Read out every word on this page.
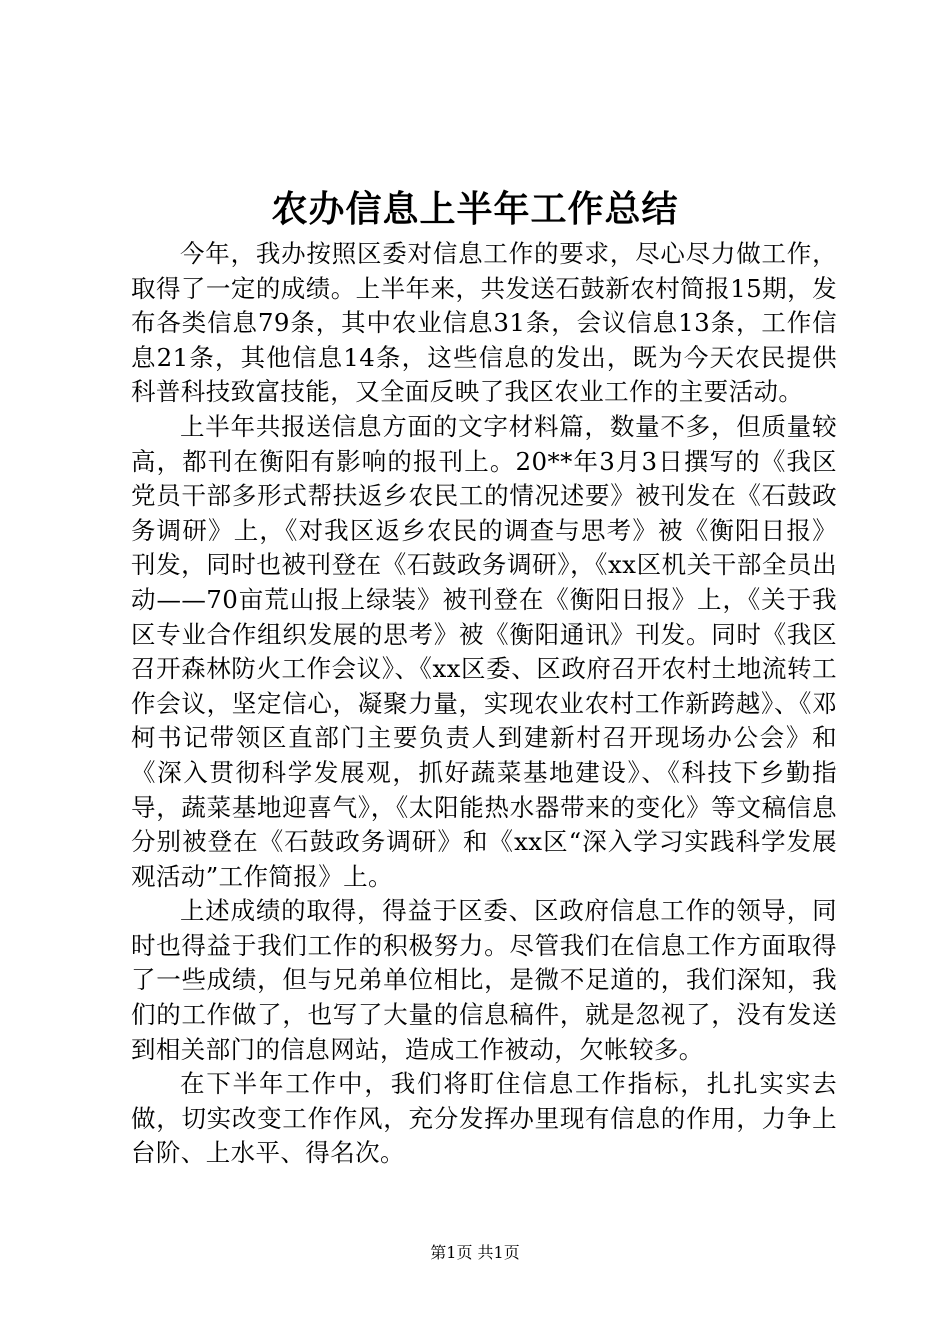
农办信息上半年工作总结

今年，我办按照区委对信息工作的要求，尽心尽力做工作，取得了一定的成绩。上半年来，共发送石鼓新农村简报15期，发布各类信息79条，其中农业信息31条，会议信息13条，工作信息21条，其他信息14条，这些信息的发出，既为今天农民提供科普科技致富技能，又全面反映了我区农业工作的主要活动。

上半年共报送信息方面的文字材料篇，数量不多，但质量较高，都刊在衡阳有影响的报刊上。20**年3月3日撰写的《我区党员干部多形式帮扶返乡农民工的情况述要》被刊发在《石鼓政务调研》上，《对我区返乡农民的调查与思考》被《衡阳日报》刊发，同时也被刊登在《石鼓政务调研》，《xx区机关干部全员出动——70亩荒山报上绿装》被刊登在《衡阳日报》上，《关于我区专业合作组织发展的思考》被《衡阳通讯》刊发。同时《我区召开森林防火工作会议》、《xx区委、区政府召开农村土地流转工作会议，坚定信心，凝聚力量，实现农业农村工作新跨越》、《邓柯书记带领区直部门主要负责人到建新村召开现场办公会》和《深入贯彻科学发展观，抓好蔬菜基地建设》、《科技下乡勤指导，蔬菜基地迎喜气》，《太阳能热水器带来的变化》等文稿信息分别被登在《石鼓政务调研》和《xx区“深入学习实践科学发展观活动”工作简报》上。

上述成绩的取得，得益于区委、区政府信息工作的领导，同时也得益于我们工作的积极努力。尽管我们在信息工作方面取得了一些成绩，但与兄弟单位相比，是微不足道的，我们深知，我们的工作做了，也写了大量的信息稿件，就是忽视了，没有发送到相关部门的信息网站，造成工作被动，欠帐较多。

在下半年工作中，我们将盯住信息工作指标，扎扎实实去做，切实改变工作作风，充分发挥办里现有信息的作用，力争上台阶、上水平、得名次。

第1页 共1页
